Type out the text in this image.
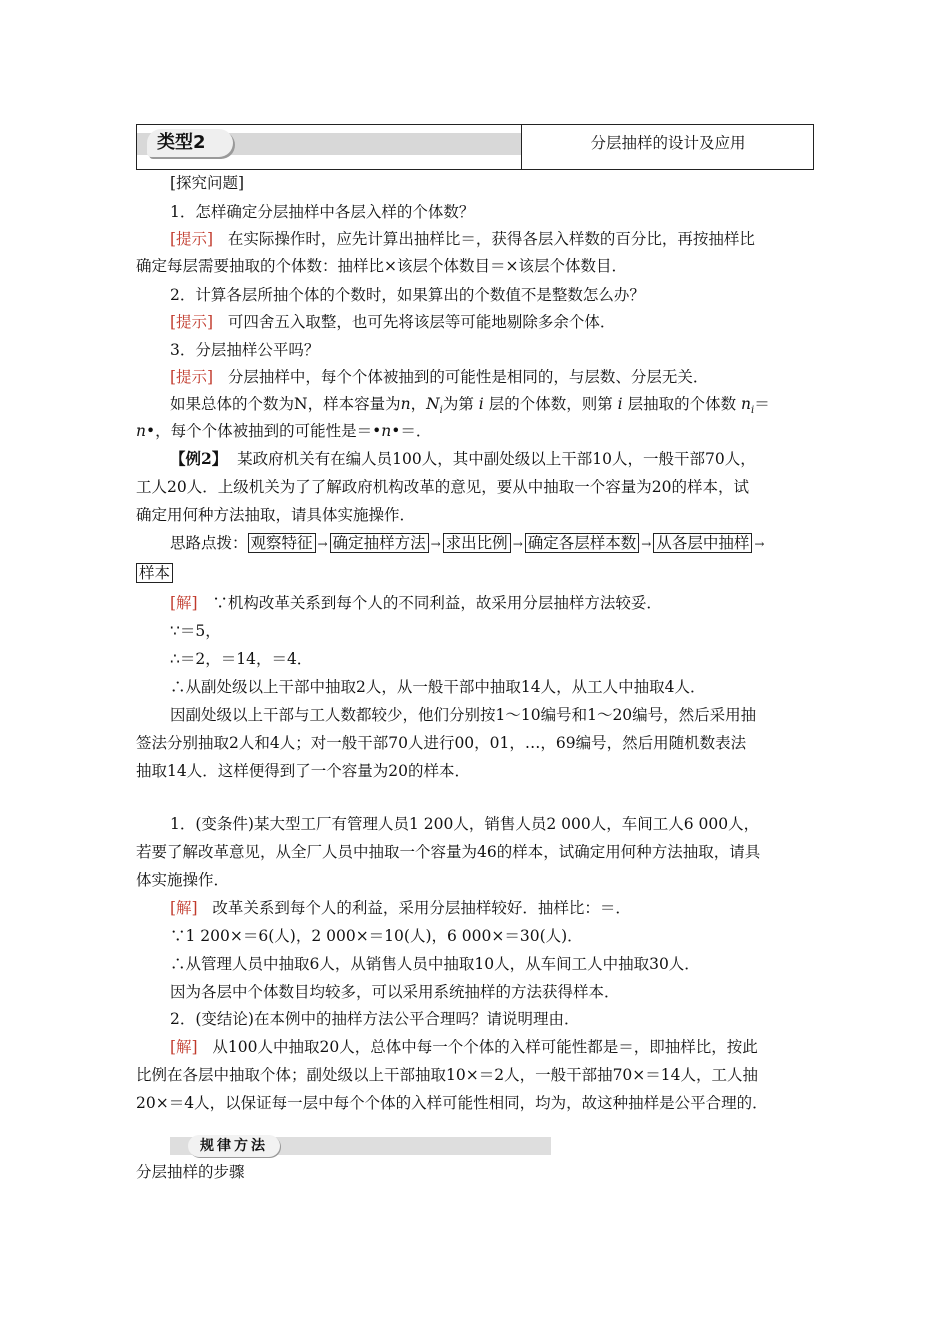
类型2	分层抽样的设计及应用
[探究问题]
1．怎样确定分层抽样中各层入样的个体数？
[提示] 在实际操作时，应先计算出抽样比＝，获得各层入样数的百分比，再按抽样比
确定每层需要抽取的个体数：抽样比×该层个体数目＝×该层个体数目．
2．计算各层所抽个体的个数时，如果算出的个数值不是整数怎么办？
[提示] 可四舍五入取整，也可先将该层等可能地剔除多余个体．
3．分层抽样公平吗？
[提示] 分层抽样中，每个个体被抽到的可能性是相同的，与层数、分层无关．
如果总体的个数为N，样本容量为n，$N_i$为第 i 层的个体数，则第 i 层抽取的个体数 $n_i=$
n•，每个个体被抽到的可能性是＝•n•＝．
【例2】 某政府机关有在编人员100人，其中副处级以上干部10人，一般干部70人，
工人20人．上级机关为了了解政府机构改革的意见，要从中抽取一个容量为20的样本，试
确定用何种方法抽取，请具体实施操作．
思路点拨： 观察特征 → 确定抽样方法 → 求出比例 → 确定各层样本数 → 从各层中抽样 →
样本
[解] ∵机构改革关系到每个人的不同利益，故采用分层抽样方法较妥．
∵＝5，
∴＝2，＝14，＝4．
∴从副处级以上干部中抽取2人，从一般干部中抽取14人，从工人中抽取4人．
因副处级以上干部与工人数都较少，他们分别按1～10编号和1～20编号，然后采用抽
签法分别抽取2人和4人；对一般干部70人进行00，01，…，69编号，然后用随机数表法
抽取14人．这样便得到了一个容量为20的样本．
1．(变条件)某大型工厂有管理人员1 200人，销售人员2 000人，车间工人6 000人，
若要了解改革意见，从全厂人员中抽取一个容量为46的样本，试确定用何种方法抽取，请具
体实施操作．
[解] 改革关系到每个人的利益，采用分层抽样较好．抽样比：＝．
∵1 200×＝6(人)，2 000×＝10(人)，6 000×＝30(人)．
∴从管理人员中抽取6人，从销售人员中抽取10人，从车间工人中抽取30人．
因为各层中个体数目均较多，可以采用系统抽样的方法获得样本．
2．(变结论)在本例中的抽样方法公平合理吗？请说明理由．
[解] 从100人中抽取20人，总体中每一个个体的入样可能性都是＝，即抽样比，按此
比例在各层中抽取个体；副处级以上干部抽取10×＝2人，一般干部抽70×＝14人，工人抽
20×＝4人，以保证每一层中每个个体的入样可能性相同，均为，故这种抽样是公平合理的．
规律方法
分层抽样的步骤
